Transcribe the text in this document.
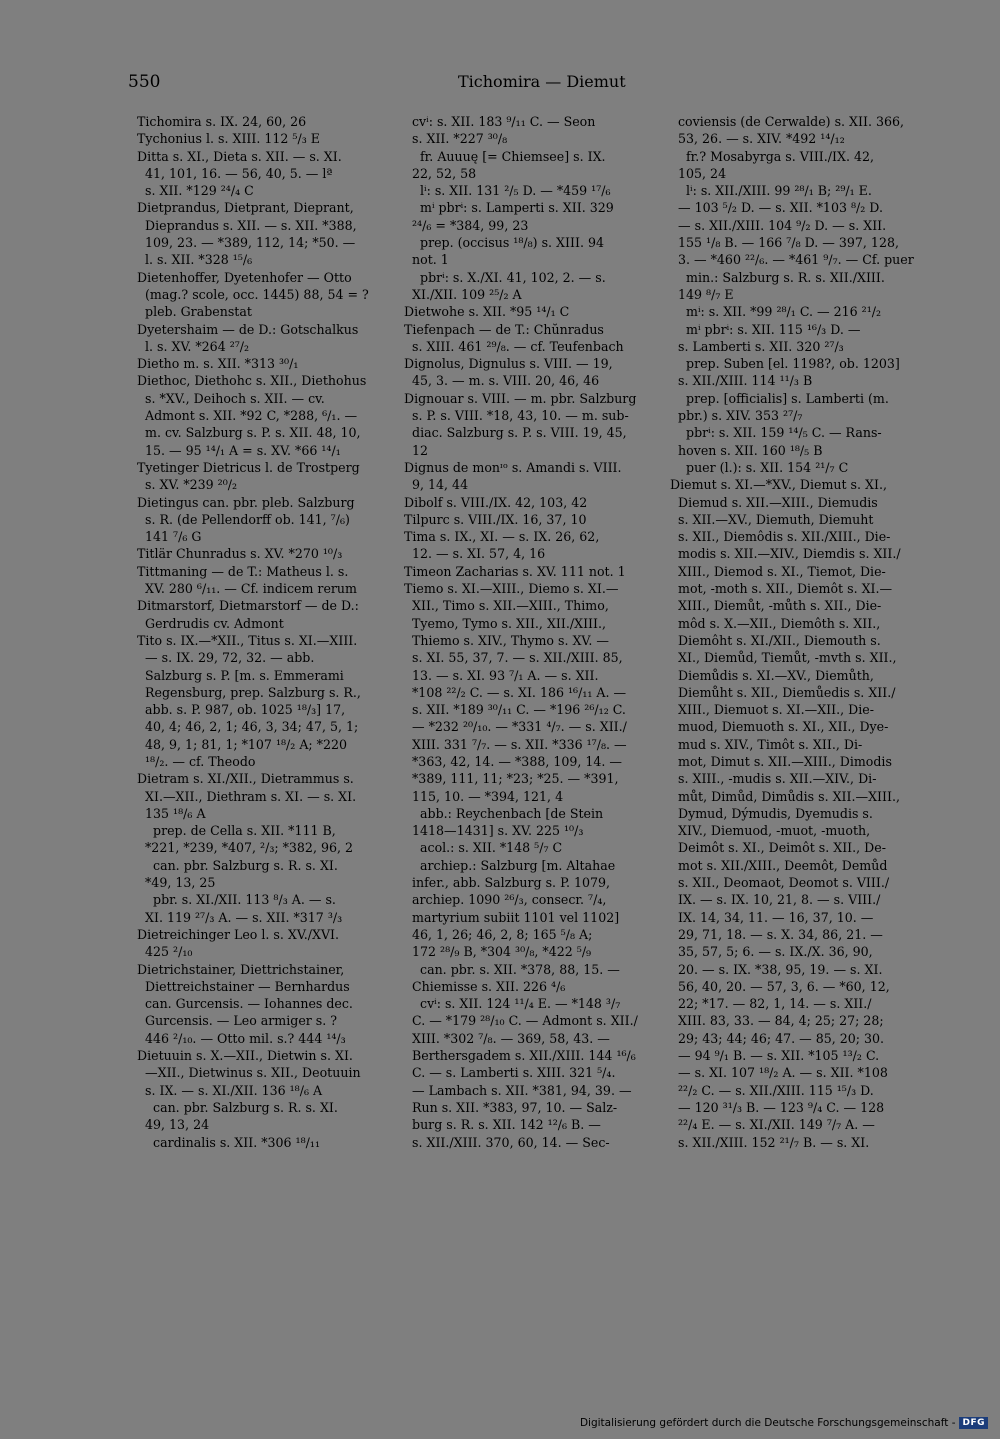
550	Tichomira — Diemut
Tichomira s. IX. 24, 60, 26
Tychonius l. s. XIII. 112 ⁵/₃ E
Ditta s. XI., Dieta s. XII. — s. XI.
41, 101, 16. — 56, 40, 5. — lª
s. XII. *129 ²⁴/₄ C
Dietprandus, Dietprant, Dieprant,
Dieprandus s. XII. — s. XII. *388,
109, 23. — *389, 112, 14; *50. —
l. s. XII. *328 ¹⁵/₆
Dietenhoffer, Dyetenhofer — Otto
(mag.? scole, occ. 1445) 88, 54 = ?
pleb. Grabenstat
Dyetershaim — de D.: Gotschalkus
l. s. XV. *264 ²⁷/₂
Dietho m. s. XII. *313 ³⁰/₁
Diethoc, Diethohc s. XII., Diethohus
s. *XV., Deihoch s. XII. — cv.
Admont s. XII. *92 C, *288, ⁶/₁. —
m. cv. Salzburg s. P. s. XII. 48, 10,
15. — 95 ¹⁴/₁ A = s. XV. *66 ¹⁴/₁
Tyetinger Dietricus l. de Trostperg
s. XV. *239 ²⁰/₂
Dietingus can. pbr. pleb. Salzburg
s. R. (de Pellendorff ob. 141, ⁷/₆)
141 ⁷/₆ G
Titlär Chunradus s. XV. *270 ¹⁰/₃
Tittmaning — de T.: Matheus l. s.
XV. 280 ⁶/₁₁. — Cf. indicem rerum
Ditmarstorf, Dietmarstorf — de D.:
Gerdrudis cv. Admont
Tito s. IX.—*XII., Titus s. XI.—XIII.
— s. IX. 29, 72, 32. — abb.
Salzburg s. P. [m. s. Emmerami
Regensburg, prep. Salzburg s. R.,
abb. s. P. 987, ob. 1025 ¹⁸/₃] 17,
40, 4; 46, 2, 1; 46, 3, 34; 47, 5, 1;
48, 9, 1; 81, 1; *107 ¹⁸/₂ A; *220
¹⁸/₂. — cf. Theodo
Dietram s. XI./XII., Dietrammus s.
XI.—XII., Diethram s. XI. — s. XI.
135 ¹⁸/₆ A
prep. de Cella s. XII. *111 B,
*221, *239, *407, ²/₃; *382, 96, 2
can. pbr. Salzburg s. R. s. XI.
*49, 13, 25
pbr. s. XI./XII. 113 ⁸/₃ A. — s.
XI. 119 ²⁷/₃ A. — s. XII. *317 ³/₃
Dietreichinger Leo l. s. XV./XVI.
425 ²/₁₀
Dietrichstainer, Diettrichstainer,
Diettreichstainer — Bernhardus
can. Gurcensis. — Iohannes dec.
Gurcensis. — Leo armiger s. ?
446 ²/₁₀. — Otto mil. s.? 444 ¹⁴/₃
Dietuuin s. X.—XII., Dietwin s. XI.
—XII., Dietwinus s. XII., Deotuuin
s. IX. — s. XI./XII. 136 ¹⁸/₆ A
can. pbr. Salzburg s. R. s. XI.
49, 13, 24
cardinalis s. XII. *306 ¹⁸/₁₁
cvⁱ: s. XII. 183 ⁹/₁₁ C. — Seon
s. XII. *227 ³⁰/₈
fr. Auuuę [= Chiemsee] s. IX.
22, 52, 58
lⁱ: s. XII. 131 ²/₅ D. — *459 ¹⁷/₆
mⁱ pbrⁱ: s. Lamperti s. XII. 329
²⁴/₆ = *384, 99, 23
prep. (occisus ¹⁸/₈) s. XIII. 94
not. 1
pbrⁱ: s. X./XI. 41, 102, 2. — s.
XI./XII. 109 ²⁵/₂ A
Dietwohe s. XII. *95 ¹⁴/₁ C
Tiefenpach — de T.: Chŭnradus
s. XIII. 461 ²⁹/₈. — cf. Teufenbach
Dignolus, Dignulus s. VIII. — 19,
45, 3. — m. s. VIII. 20, 46, 46
Dignouar s. VIII. — m. pbr. Salzburg
s. P. s. VIII. *18, 43, 10. — m. sub-
diac. Salzburg s. P. s. VIII. 19, 45,
12
Dignus de monᶦᵒ s. Amandi s. VIII.
9, 14, 44
Dibolf s. VIII./IX. 42, 103, 42
Tilpurc s. VIII./IX. 16, 37, 10
Tima s. IX., XI. — s. IX. 26, 62,
12. — s. XI. 57, 4, 16
Timeon Zacharias s. XV. 111 not. 1
Tiemo s. XI.—XIII., Diemo s. XI.—
XII., Timo s. XII.—XIII., Thimo,
Tyemo, Tymo s. XII., XII./XIII.,
Thiemo s. XIV., Thymo s. XV. —
s. XI. 55, 37, 7. — s. XII./XIII. 85,
13. — s. XI. 93 ⁷/₁ A. — s. XII.
*108 ²²/₂ C. — s. XI. 186 ¹⁶/₁₁ A. —
s. XII. *189 ³⁰/₁₁ C. — *196 ²⁶/₁₂ C.
— *232 ²⁰/₁₀. — *331 ⁴/₇. — s. XII./
XIII. 331 ⁷/₇. — s. XII. *336 ¹⁷/₈. —
*363, 42, 14. — *388, 109, 14. —
*389, 111, 11; *23; *25. — *391,
115, 10. — *394, 121, 4
abb.: Reychenbach [de Stein
1418—1431] s. XV. 225 ¹⁰/₃
acol.: s. XII. *148 ⁵/₇ C
archiep.: Salzburg [m. Altahae
infer., abb. Salzburg s. P. 1079,
archiep. 1090 ²⁶/₃, consecr. ⁷/₄,
martyrium subiit 1101 vel 1102]
46, 1, 26; 46, 2, 8; 165 ⁵/₈ A;
172 ²⁸/₉ B, *304 ³⁰/₈, *422 ⁵/₉
can. pbr. s. XII. *378, 88, 15. —
Chiemisse s. XII. 226 ⁴/₆
cvⁱ: s. XII. 124 ¹¹/₄ E. — *148 ³/₇
C. — *179 ²⁸/₁₀ C. — Admont s. XII./
XIII. *302 ⁷/₈. — 369, 58, 43. —
Berthersgadem s. XII./XIII. 144 ¹⁶/₆
C. — s. Lamberti s. XIII. 321 ⁵/₄.
— Lambach s. XII. *381, 94, 39. —
Run s. XII. *383, 97, 10. — Salz-
burg s. R. s. XII. 142 ¹²/₆ B. —
s. XII./XIII. 370, 60, 14. — Sec-
coviensis (de Cerwalde) s. XII. 366,
53, 26. — s. XIV. *492 ¹⁴/₁₂
fr.? Mosabyrga s. VIII./IX. 42,
105, 24
lⁱ: s. XII./XIII. 99 ²⁸/₁ B; ²⁹/₁ E.
— 103 ⁵/₂ D. — s. XII. *103 ⁸/₂ D.
— s. XII./XIII. 104 ⁹/₂ D. — s. XII.
155 ¹/₈ B. — 166 ⁷/₈ D. — 397, 128,
3. — *460 ²²/₆. — *461 ⁹/₇. — Cf. puer
min.: Salzburg s. R. s. XII./XIII.
149 ⁸/₇ E
mⁱ: s. XII. *99 ²⁸/₁ C. — 216 ²¹/₂
mⁱ pbrⁱ: s. XII. 115 ¹⁶/₃ D. —
s. Lamberti s. XII. 320 ²⁷/₃
prep. Suben [el. 1198?, ob. 1203]
s. XII./XIII. 114 ¹¹/₃ B
prep. [officialis] s. Lamberti (m.
pbr.) s. XIV. 353 ²⁷/₇
pbrⁱ: s. XII. 159 ¹⁴/₅ C. — Rans-
hoven s. XII. 160 ¹⁸/₅ B
puer (l.): s. XII. 154 ²¹/₇ C
Diemut s. XI.—*XV., Diemut s. XI.,
Diemud s. XII.—XIII., Diemudis
s. XII.—XV., Diemuth, Diemuht
s. XII., Diemôdis s. XII./XIII., Die-
modis s. XII.—XIV., Diemdis s. XII./
XIII., Diemod s. XI., Tiemot, Die-
mot, -moth s. XII., Diemôt s. XI.—
XIII., Diemůt, -můth s. XII., Die-
môd s. X.—XII., Diemôth s. XII.,
Diemôht s. XI./XII., Diemouth s.
XI., Diemůd, Tiemůt, -mvth s. XII.,
Diemůdis s. XI.—XV., Diemůth,
Diemůht s. XII., Diemůedis s. XII./
XIII., Diemuot s. XI.—XII., Die-
muod, Diemuoth s. XI., XII., Dye-
mud s. XIV., Timôt s. XII., Di-
mot, Dimut s. XII.—XIII., Dimodis
s. XIII., -mudis s. XII.—XIV., Di-
můt, Dimůd, Dimůdis s. XII.—XIII.,
Dymud, Dýmudis, Dyemudis s.
XIV., Diemuod, -muot, -muoth,
Deimôt s. XI., Deimôt s. XII., De-
mot s. XII./XIII., Deemôt, Demůd
s. XII., Deomaot, Deomot s. VIII./
IX. — s. IX. 10, 21, 8. — s. VIII./
IX. 14, 34, 11. — 16, 37, 10. —
29, 71, 18. — s. X. 34, 86, 21. —
35, 57, 5; 6. — s. IX./X. 36, 90,
20. — s. IX. *38, 95, 19. — s. XI.
56, 40, 20. — 57, 3, 6. — *60, 12,
22; *17. — 82, 1, 14. — s. XII./
XIII. 83, 33. — 84, 4; 25; 27; 28;
29; 43; 44; 46; 47. — 85, 20; 30.
— 94 ⁹/₁ B. — s. XII. *105 ¹³/₂ C.
— s. XI. 107 ¹⁸/₂ A. — s. XII. *108
²²/₂ C. — s. XII./XIII. 115 ¹⁵/₃ D.
— 120 ³¹/₃ B. — 123 ⁹/₄ C. — 128
²²/₄ E. — s. XI./XII. 149 ⁷/₇ A. —
s. XII./XIII. 152 ²¹/₇ B. — s. XI.
Digitalisierung gefördert durch die Deutsche Forschungsgemeinschaft - DFG
